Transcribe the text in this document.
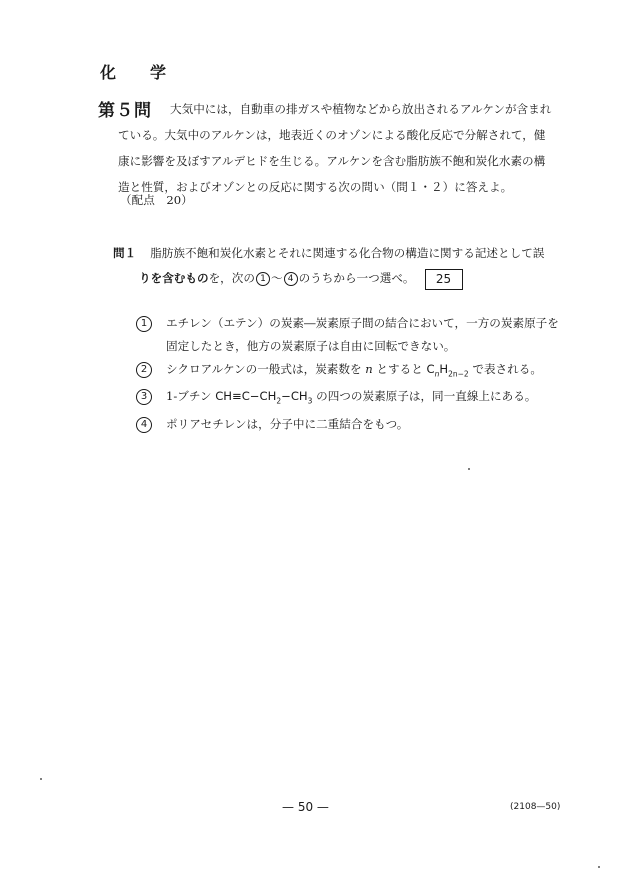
化　学
第５問 大気中には，自動車の排ガスや植物などから放出されるアルケンが含まれ
ている。大気中のアルケンは，地表近くのオゾンによる酸化反応で分解されて，健
康に影響を及ぼすアルデヒドを生じる。アルケンを含む脂肪族不飽和炭化水素の構
造と性質，およびオゾンとの反応に関する次の問い（問１・２）に答えよ。
（配点　20）
問１ 脂肪族不飽和炭化水素とそれに関連する化合物の構造に関する記述として誤
りを含むものを，次の 1 ～ 4 のうちから一つ選べ。 25
1	エチレン（エテン）の炭素―炭素原子間の結合において，一方の炭素原子を
固定したとき，他方の炭素原子は自由に回転できない。
2	シクロアルケンの一般式は，炭素数を n とすると $C_nH_{2n-2}$ で表される。
3	1-ブチン $CH\equiv C-CH_2-CH_3$ の四つの炭素原子は，同一直線上にある。
4	ポリアセチレンは，分子中に二重結合をもつ。
— 50 —	(2108—50)
